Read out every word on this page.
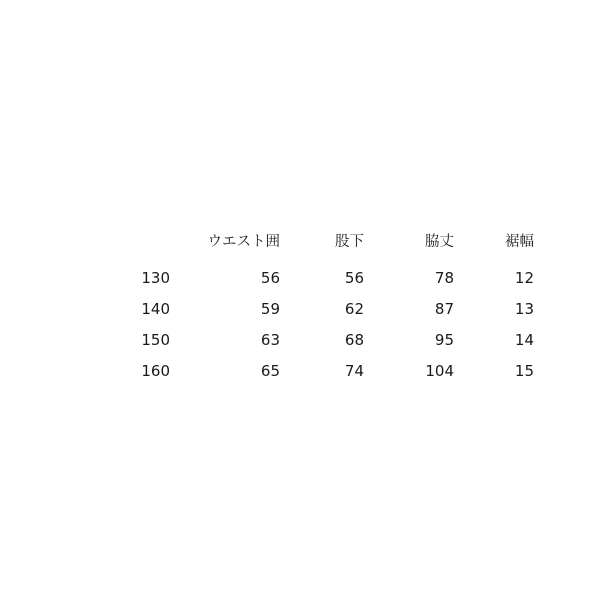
	ウエスト囲	股下	脇丈	裾幅
130	56	56	78	12
140	59	62	87	13
150	63	68	95	14
160	65	74	104	15
